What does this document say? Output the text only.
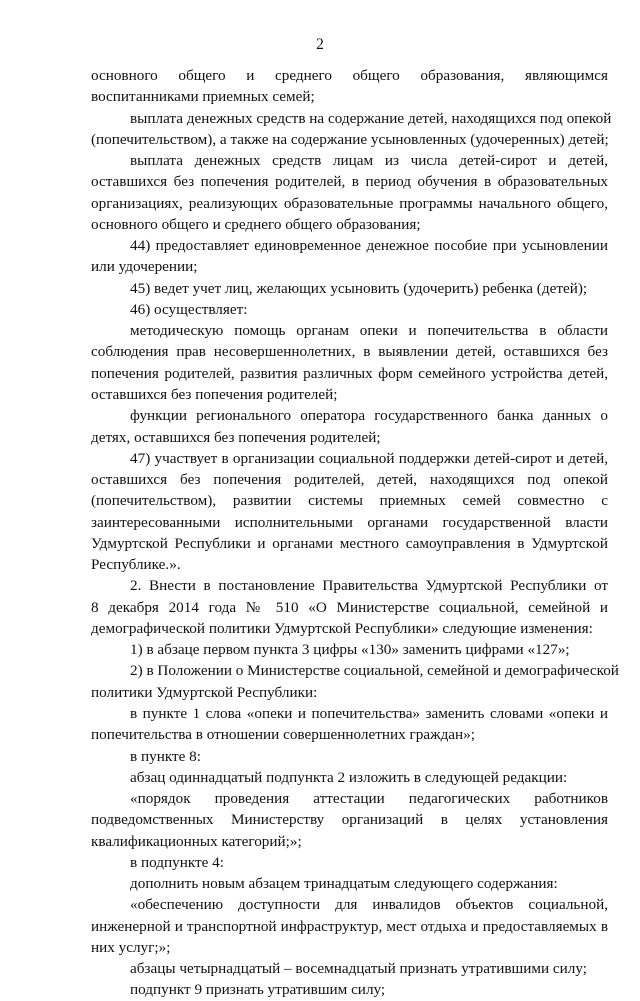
2
основного общего и среднего общего образования, являющимся
воспитанниками приемных семей;
выплата денежных средств на содержание детей, находящихся под опекой
(попечительством), а также на содержание усыновленных (удочеренных) детей;
выплата денежных средств лицам из числа детей-сирот и детей,
оставшихся без попечения родителей, в период обучения в образовательных
организациях, реализующих образовательные программы начального общего,
основного общего и среднего общего образования;
44) предоставляет единовременное денежное пособие при усыновлении
или удочерении;
45) ведет учет лиц, желающих усыновить (удочерить) ребенка (детей);
46) осуществляет:
методическую помощь органам опеки и попечительства в области
соблюдения прав несовершеннолетних, в выявлении детей, оставшихся без
попечения родителей, развития различных форм семейного устройства детей,
оставшихся без попечения родителей;
функции регионального оператора государственного банка данных о
детях, оставшихся без попечения родителей;
47) участвует в организации социальной поддержки детей-сирот и детей,
оставшихся без попечения родителей, детей, находящихся под опекой
(попечительством), развитии системы приемных семей совместно с
заинтересованными исполнительными органами государственной власти
Удмуртской Республики и органами местного самоуправления в Удмуртской
Республике.».
2. Внести в постановление Правительства Удмуртской Республики от
8 декабря 2014 года № 510 «О Министерстве социальной, семейной и
демографической политики Удмуртской Республики» следующие изменения:
1) в абзаце первом пункта 3 цифры «130» заменить цифрами «127»;
2) в Положении о Министерстве социальной, семейной и демографической
политики Удмуртской Республики:
в пункте 1 слова «опеки и попечительства» заменить словами «опеки и
попечительства в отношении совершеннолетних граждан»;
в пункте 8:
абзац одиннадцатый подпункта 2 изложить в следующей редакции:
«порядок проведения аттестации педагогических работников
подведомственных Министерству организаций в целях установления
квалификационных категорий;»;
в подпункте 4:
дополнить новым абзацем тринадцатым следующего содержания:
«обеспечению доступности для инвалидов объектов социальной,
инженерной и транспортной инфраструктур, мест отдыха и предоставляемых в
них услуг;»;
абзацы четырнадцатый – восемнадцатый признать утратившими силу;
подпункт 9 признать утратившим силу;
